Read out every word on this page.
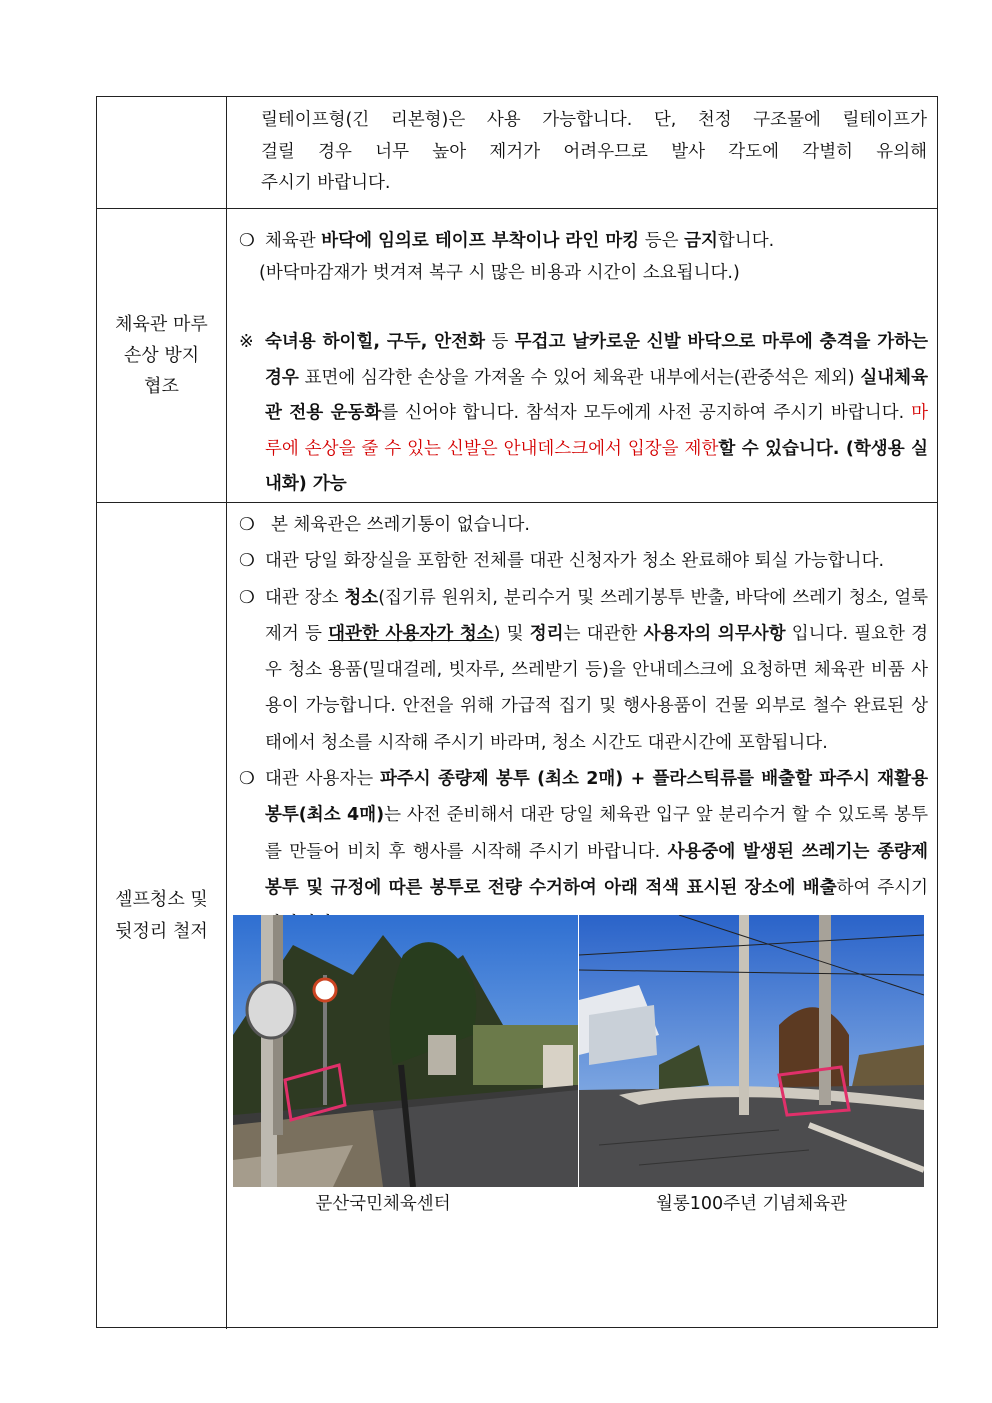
릴테이프형(긴 리본형)은 사용 가능합니다. 단, 천정 구조물에 릴테이프가
걸릴 경우 너무 높아 제거가 어려우므로 발사 각도에 각별히 유의해
주시기 바랍니다.
체육관 마루
손상 방지
협조
❍ 체육관 바닥에 임의로 테이프 부착이나 라인 마킹 등은 금지합니다.
(바닥마감재가 벗겨져 복구 시 많은 비용과 시간이 소요됩니다.)
※ 숙녀용 하이힐, 구두, 안전화 등 무겁고 날카로운 신발 바닥으로 마루에 충격을 가하는 경우 표면에 심각한 손상을 가져올 수 있어 체육관 내부에서는(관중석은 제외) 실내체육관 전용 운동화를 신어야 합니다. 참석자 모두에게 사전 공지하여 주시기 바랍니다. 마루에 손상을 줄 수 있는 신발은 안내데스크에서 입장을 제한할 수 있습니다. (학생용 실내화) 가능
셀프청소 및
뒷정리 철저
❍ 본 체육관은 쓰레기통이 없습니다.
❍ 대관 당일 화장실을 포함한 전체를 대관 신청자가 청소 완료해야 퇴실 가능합니다.
❍ 대관 장소 청소(집기류 원위치, 분리수거 및 쓰레기봉투 반출, 바닥에 쓰레기 청소, 얼룩 제거 등 대관한 사용자가 청소) 및 정리는 대관한 사용자의 의무사항 입니다. 필요한 경우 청소 용품(밀대걸레, 빗자루, 쓰레받기 등)을 안내데스크에 요청하면 체육관 비품 사용이 가능합니다. 안전을 위해 가급적 집기 및 행사용품이 건물 외부로 철수 완료된 상태에서 청소를 시작해 주시기 바라며, 청소 시간도 대관시간에 포함됩니다.
❍ 대관 사용자는 파주시 종량제 봉투 (최소 2매) + 플라스틱류를 배출할 파주시 재활용봉투(최소 4매)는 사전 준비해서 대관 당일 체육관 입구 앞 분리수거 할 수 있도록 봉투를 만들어 비치 후 행사를 시작해 주시기 바랍니다. 사용중에 발생된 쓰레기는 종량제 봉투 및 규정에 따른 봉투로 전량 수거하여 아래 적색 표시된 장소에 배출하여 주시기
문산국민체육센터	월롱100주년 기념체육관
